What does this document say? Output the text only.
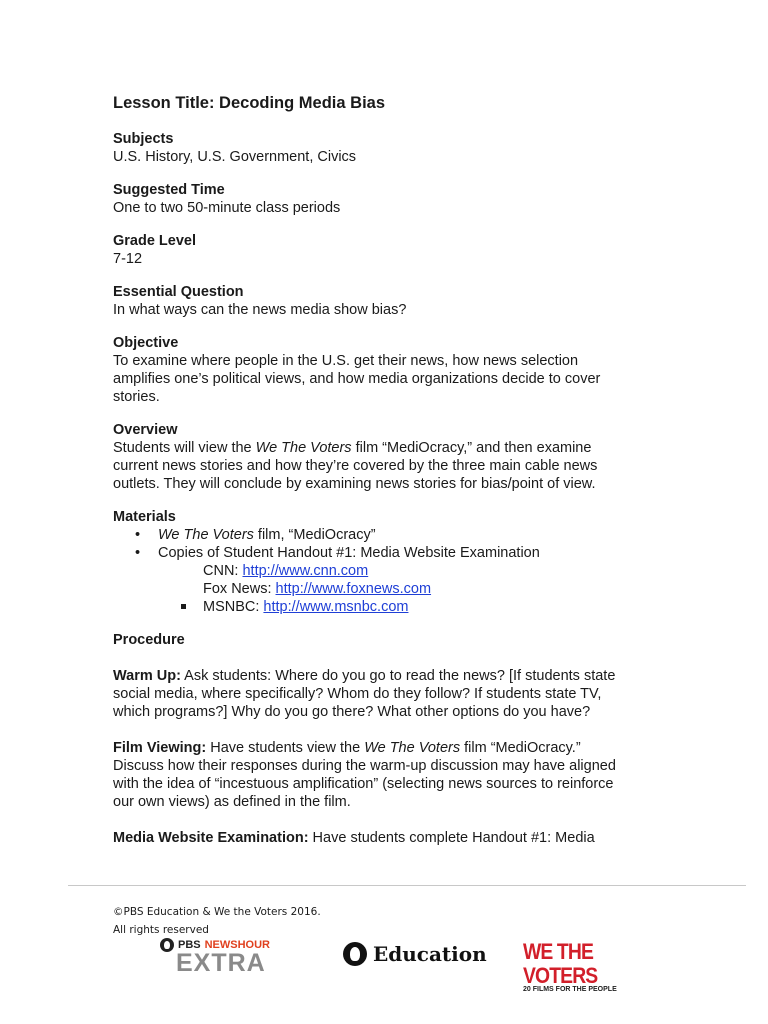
Lesson Title: Decoding Media Bias
Subjects
U.S. History, U.S. Government, Civics
Suggested Time
One to two 50-minute class periods
Grade Level
7-12
Essential Question
In what ways can the news media show bias?
Objective
To examine where people in the U.S. get their news, how news selection
amplifies one’s political views, and how media organizations decide to cover
stories.
Overview
Students will view the We The Voters film “MediOcracy,” and then examine
current news stories and how they’re covered by the three main cable news
outlets. They will conclude by examining news stories for bias/point of view.
Materials
• We The Voters film, “MediOcracy”
• Copies of Student Handout #1: Media Website Examination
CNN: http://www.cnn.com
Fox News: http://www.foxnews.com
MSNBC: http://www.msnbc.com
Procedure
Warm Up: Ask students: Where do you go to read the news? [If students state
social media, where specifically? Whom do they follow? If students state TV,
which programs?] Why do you go there? What other options do you have?
Film Viewing: Have students view the We The Voters film “MediOcracy.”
Discuss how their responses during the warm-up discussion may have aligned
with the idea of “incestuous amplification” (selecting news sources to reinforce
our own views) as defined in the film.
Media Website Examination: Have students complete Handout #1: Media
©PBS Education & We the Voters 2016.
All rights reserved
PBS NEWSHOUR
EXTRA	Education WE THE VOTERS
20 FILMS FOR THE PEOPLE
